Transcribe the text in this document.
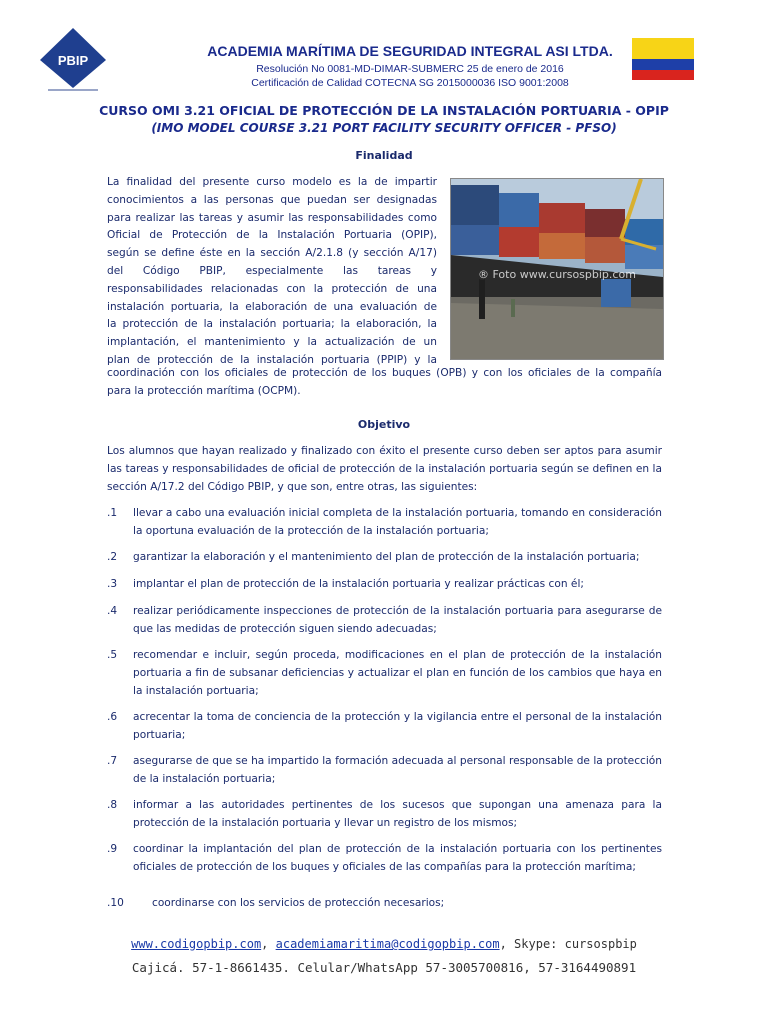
PBIP
ACADEMIA MARÍTIMA DE SEGURIDAD INTEGRAL ASI LTDA.
Resolución No 0081-MD-DIMAR-SUBMERC 25 de enero de 2016
Certificación de Calidad COTECNA SG 2015000036 ISO 9001:2008
CURSO OMI 3.21 OFICIAL DE PROTECCIÓN DE LA INSTALACIÓN PORTUARIA - OPIP
(IMO MODEL COURSE 3.21 PORT FACILITY SECURITY OFFICER - PFSO)
Finalidad
La finalidad del presente curso modelo es la de impartir
conocimientos a las personas que puedan ser designadas
para realizar las tareas y asumir las responsabilidades como
Oficial de Protección de la Instalación Portuaria (OPIP),
según se define éste en la sección A/2.1.8 (y sección A/17)
del Código PBIP, especialmente las tareas y
responsabilidades relacionadas con la protección de una
instalación portuaria, la elaboración de una evaluación de
la protección de la instalación portuaria; la elaboración, la
implantación, el mantenimiento y la actualización de un
plan de protección de la instalación portuaria (PPIP) y la
coordinación con los oficiales de protección de los buques (OPB) y con los oficiales de la compañía
para la protección marítima (OCPM).
® Foto www.cursospbip.com
Objetivo
Los alumnos que hayan realizado y finalizado con éxito el presente curso deben ser aptos para asumir las tareas y responsabilidades de oficial de protección de la instalación portuaria según se definen en la sección A/17.2 del Código PBIP, y que son, entre otras, las siguientes:
.1 llevar a cabo una evaluación inicial completa de la instalación portuaria, tomando en consideración la oportuna evaluación de la protección de la instalación portuaria;
.2 garantizar la elaboración y el mantenimiento del plan de protección de la instalación portuaria;
.3 implantar el plan de protección de la instalación portuaria y realizar prácticas con él;
.4 realizar periódicamente inspecciones de protección de la instalación portuaria para asegurarse de que las medidas de protección siguen siendo adecuadas;
.5 recomendar e incluir, según proceda, modificaciones en el plan de protección de la instalación portuaria a fin de subsanar deficiencias y actualizar el plan en función de los cambios que haya en la instalación portuaria;
.6 acrecentar la toma de conciencia de la protección y la vigilancia entre el personal de la instalación portuaria;
.7 asegurarse de que se ha impartido la formación adecuada al personal responsable de la protección de la instalación portuaria;
.8 informar a las autoridades pertinentes de los sucesos que supongan una amenaza para la protección de la instalación portuaria y llevar un registro de los mismos;
.9 coordinar la implantación del plan de protección de la instalación portuaria con los pertinentes oficiales de protección de los buques y oficiales de las compañías para la protección marítima;
.10	coordinarse con los servicios de protección necesarios;
www.codigopbip.com, academiamaritima@codigopbip.com, Skype: cursospbip
Cajicá. 57-1-8661435. Celular/WhatsApp 57-3005700816, 57-3164490891
